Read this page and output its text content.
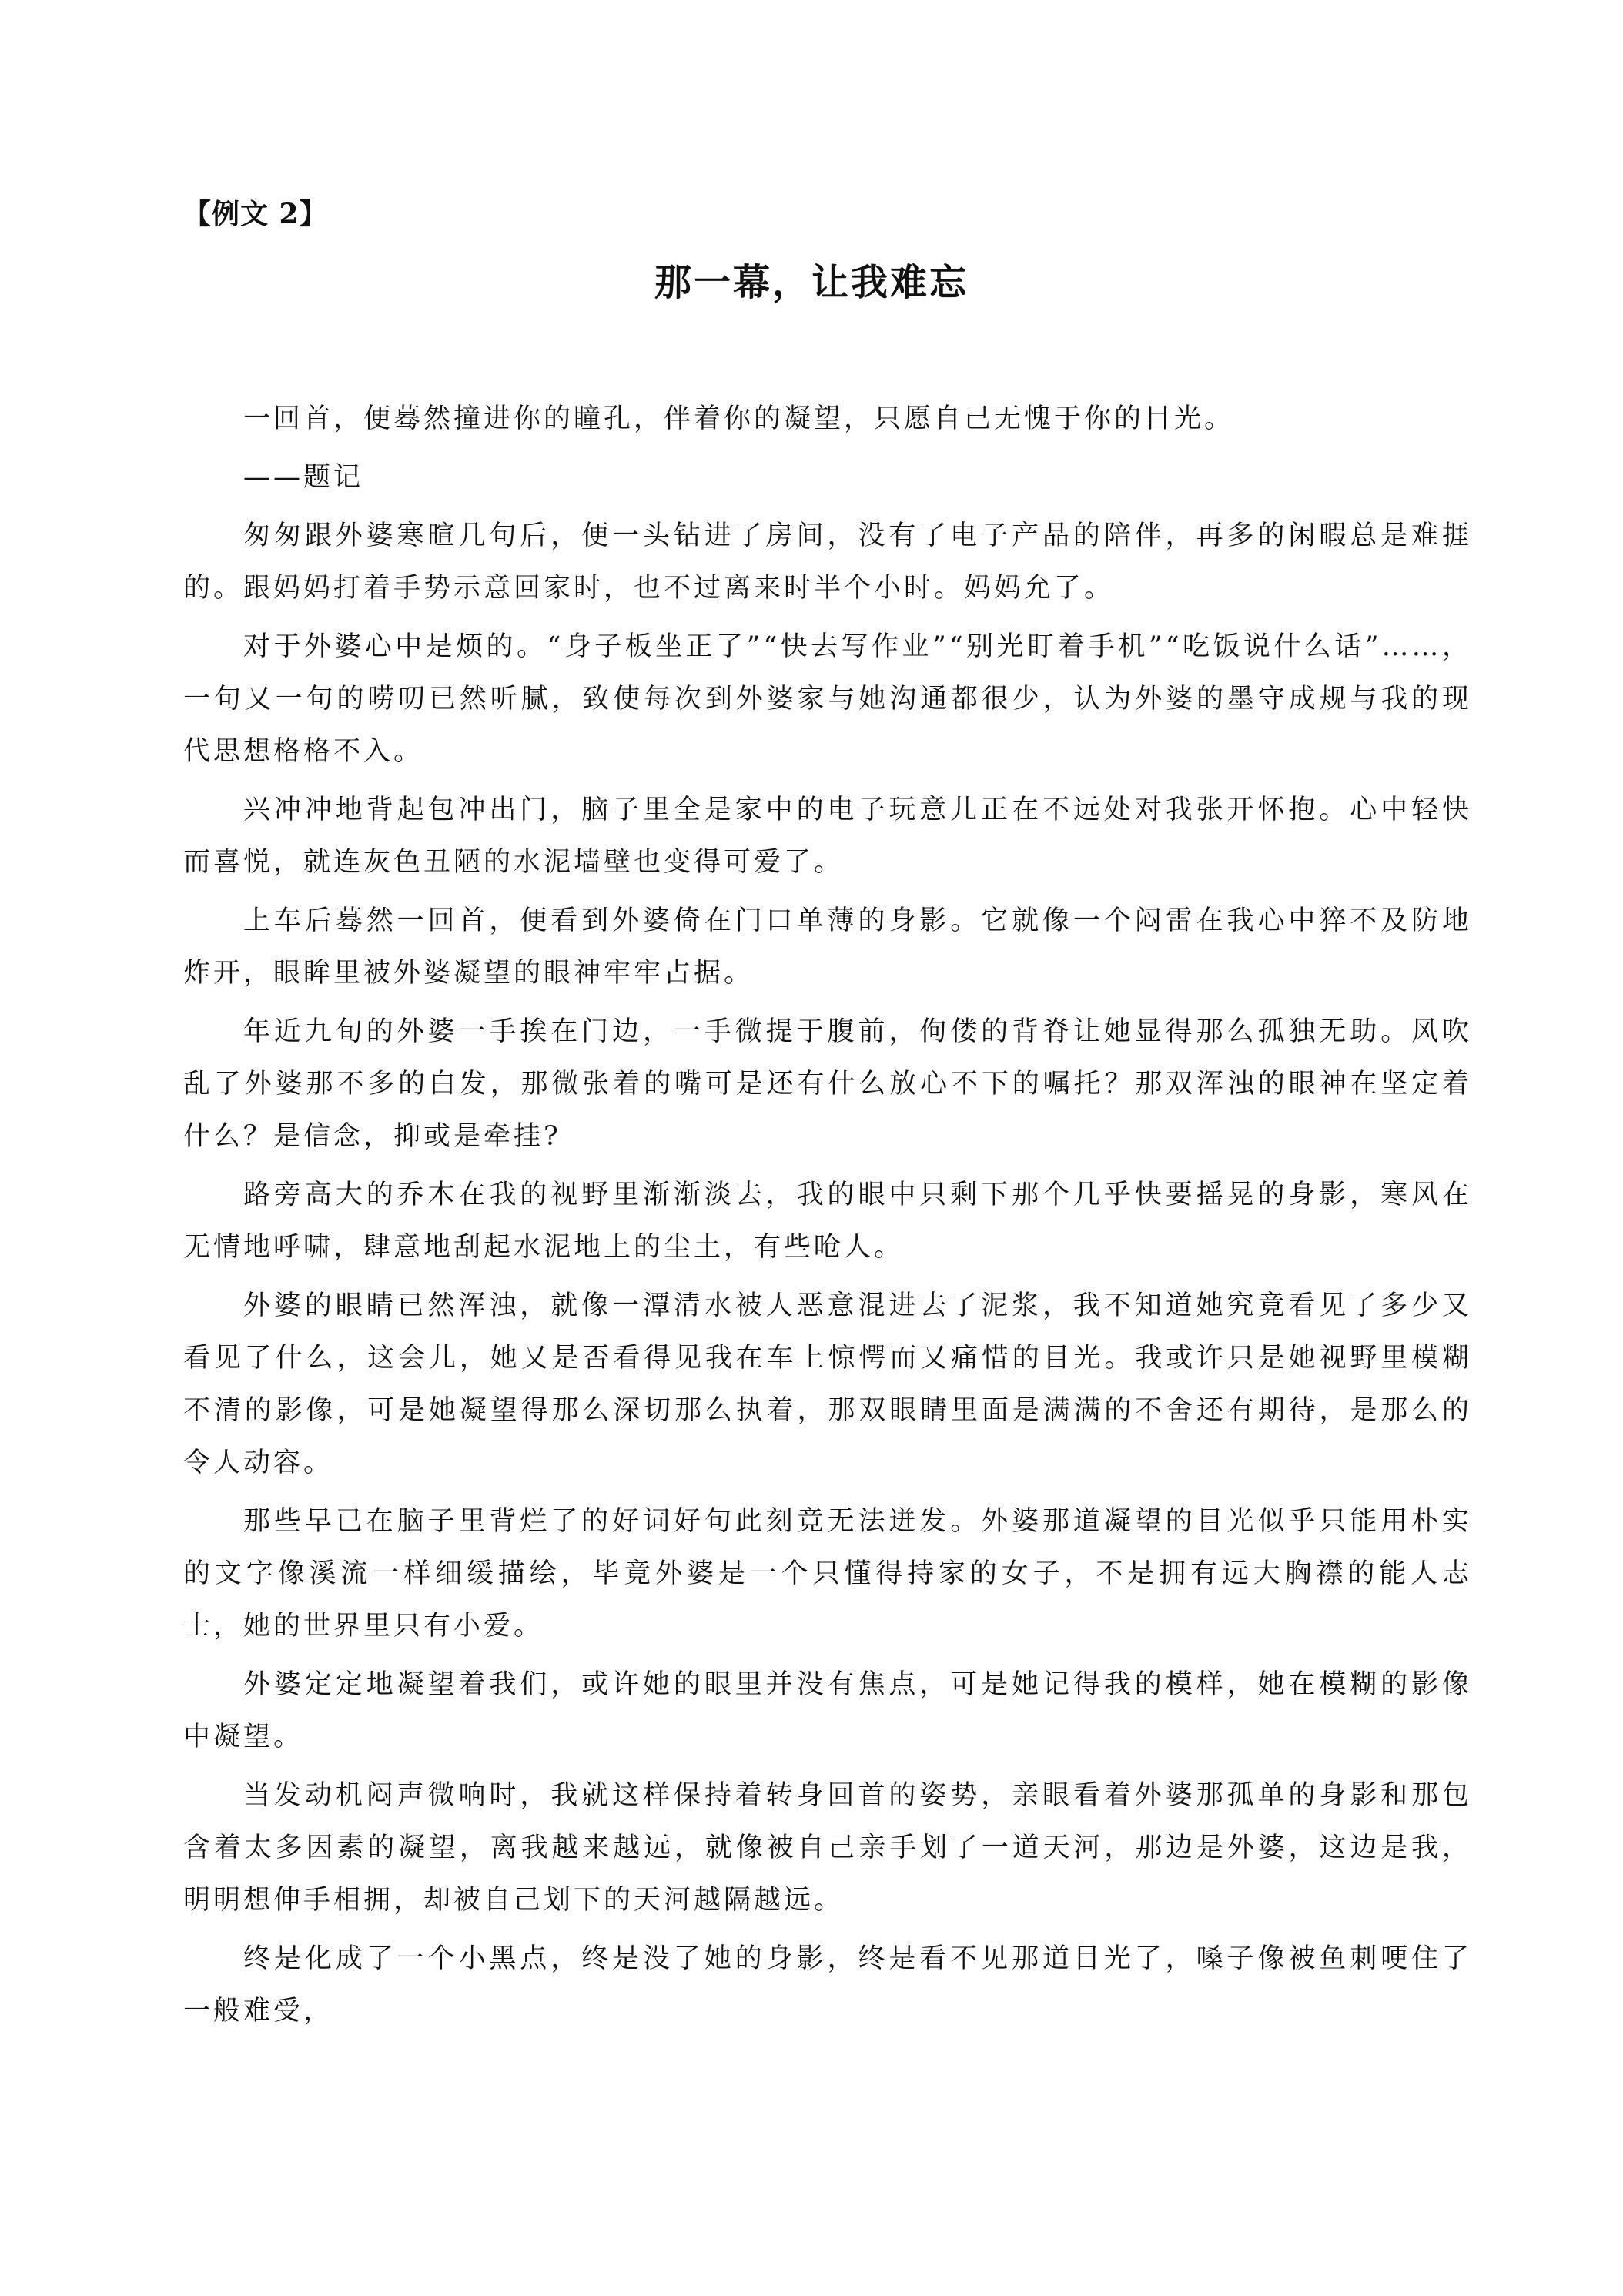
【例文 2】
那一幕，让我难忘

一回首，便蓦然撞进你的瞳孔，伴着你的凝望，只愿自己无愧于你的目光。

——题记

匆匆跟外婆寒暄几句后，便一头钻进了房间，没有了电子产品的陪伴，再多的闲暇总是难捱的。跟妈妈打着手势示意回家时，也不过离来时半个小时。妈妈允了。

对于外婆心中是烦的。“身子板坐正了”“快去写作业”“别光盯着手机”“吃饭说什么话”……，一句又一句的唠叨已然听腻，致使每次到外婆家与她沟通都很少，认为外婆的墨守成规与我的现代思想格格不入。

兴冲冲地背起包冲出门，脑子里全是家中的电子玩意儿正在不远处对我张开怀抱。心中轻快而喜悦，就连灰色丑陋的水泥墙壁也变得可爱了。

上车后蓦然一回首，便看到外婆倚在门口单薄的身影。它就像一个闷雷在我心中猝不及防地炸开，眼眸里被外婆凝望的眼神牢牢占据。

年近九旬的外婆一手挨在门边，一手微提于腹前，佝偻的背脊让她显得那么孤独无助。风吹乱了外婆那不多的白发，那微张着的嘴可是还有什么放心不下的嘱托？那双浑浊的眼神在坚定着什么？是信念，抑或是牵挂?

路旁高大的乔木在我的视野里渐渐淡去，我的眼中只剩下那个几乎快要摇晃的身影，寒风在无情地呼啸，肆意地刮起水泥地上的尘土，有些呛人。

外婆的眼睛已然浑浊，就像一潭清水被人恶意混进去了泥浆，我不知道她究竟看见了多少又看见了什么，这会儿，她又是否看得见我在车上惊愕而又痛惜的目光。我或许只是她视野里模糊不清的影像，可是她凝望得那么深切那么执着，那双眼睛里面是满满的不舍还有期待，是那么的令人动容。

那些早已在脑子里背烂了的好词好句此刻竟无法迸发。外婆那道凝望的目光似乎只能用朴实的文字像溪流一样细缓描绘，毕竟外婆是一个只懂得持家的女子，不是拥有远大胸襟的能人志士，她的世界里只有小爱。

外婆定定地凝望着我们，或许她的眼里并没有焦点，可是她记得我的模样，她在模糊的影像中凝望。

当发动机闷声微响时，我就这样保持着转身回首的姿势，亲眼看着外婆那孤单的身影和那包含着太多因素的凝望，离我越来越远，就像被自己亲手划了一道天河，那边是外婆，这边是我，明明想伸手相拥，却被自己划下的天河越隔越远。

终是化成了一个小黑点，终是没了她的身影，终是看不见那道目光了，嗓子像被鱼刺哽住了一般难受，
